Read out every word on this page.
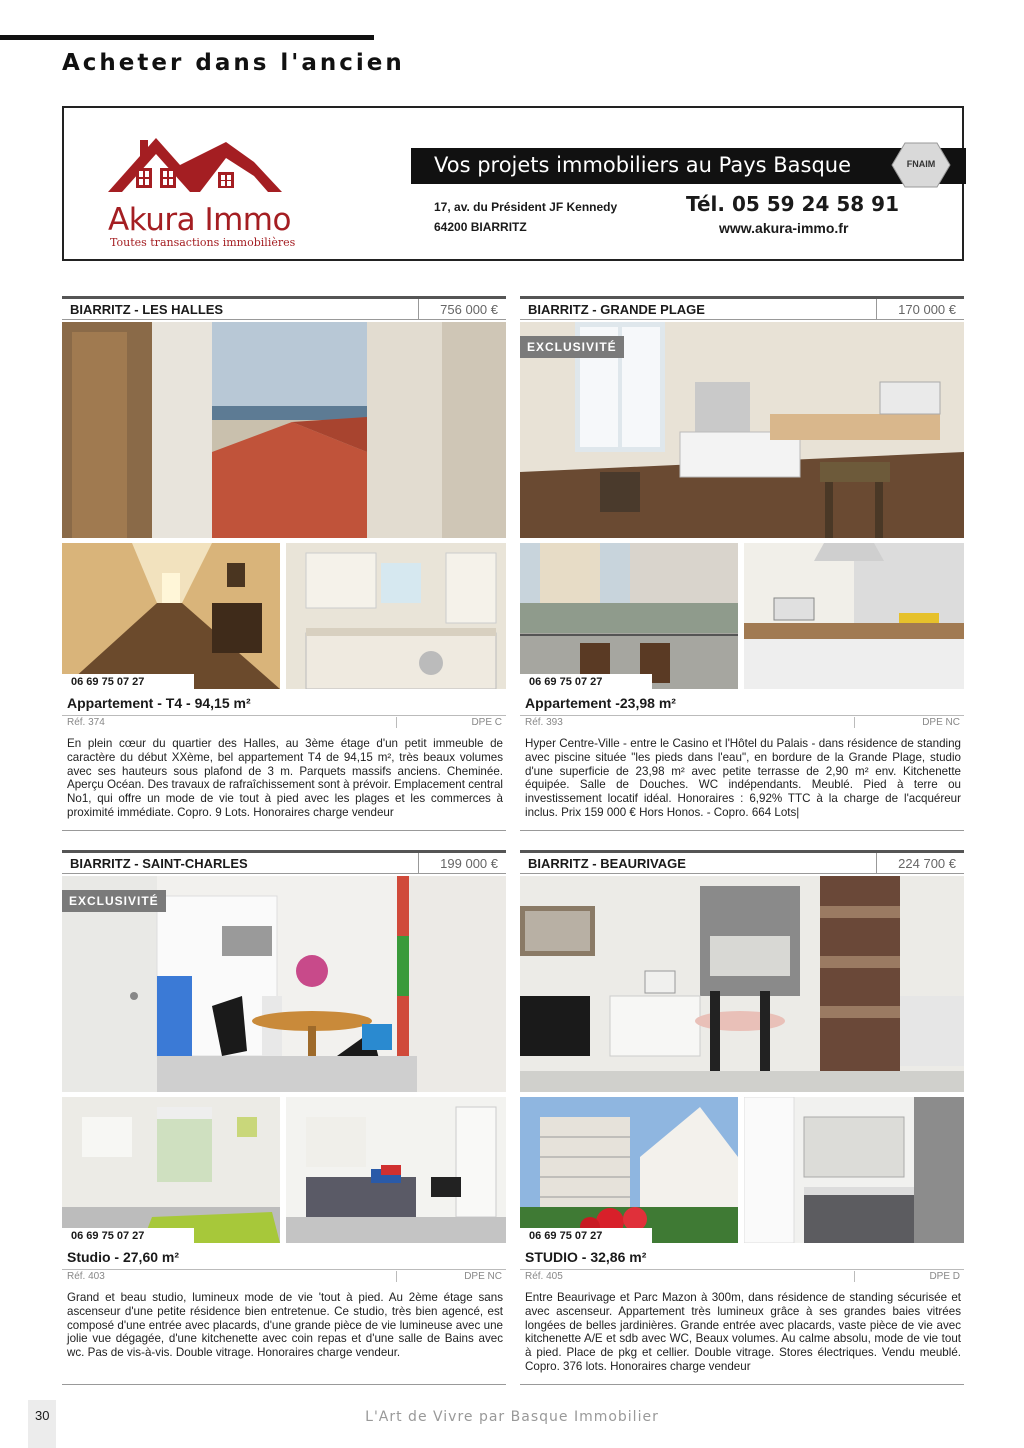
Acheter dans l'ancien
Akura Immo
Toutes transactions immobilières
Vos projets immobiliers au Pays Basque	FNAIM
17, av. du Président JF Kennedy
64200 BIARRITZ
Tél. 05 59 24 58 91
www.akura-immo.fr
BIARRITZ - LES HALLES	756 000 €
06 69 75 07 27
Appartement - T4 - 94,15 m²
Réf. 374	DPE C

En plein cœur du quartier des Halles, au 3ème étage d'un petit immeuble de caractère du début XXème, bel appartement T4 de 94,15 m², très beaux volumes avec ses hauteurs sous plafond de 3 m. Parquets massifs anciens. Cheminée. Aperçu Océan. Des travaux de rafraîchissement sont à prévoir. Emplacement central No1, qui offre un mode de vie tout à pied avec les plages et les commerces à proximité immédiate. Copro. 9 Lots. Honoraires charge vendeur

BIARRITZ - GRANDE PLAGE	170 000 €
EXCLUSIVITÉ
06 69 75 07 27
Appartement -23,98 m²
Réf. 393	DPE NC

Hyper Centre-Ville - entre le Casino et l'Hôtel du Palais - dans résidence de standing avec piscine située "les pieds dans l'eau", en bordure de la Grande Plage, studio d'une superficie de 23,98 m² avec petite terrasse de 2,90 m² env. Kitchenette équipée. Salle de Douches. WC indépendants. Meublé. Pied à terre ou investissement locatif idéal. Honoraires : 6,92% TTC à la charge de l'acquéreur inclus. Prix 159 000 € Hors Honos. - Copro. 664 Lots|

BIARRITZ - SAINT-CHARLES	199 000 €
EXCLUSIVITÉ
06 69 75 07 27
Studio - 27,60 m²
Réf. 403	DPE NC

Grand et beau studio, lumineux mode de vie 'tout à pied. Au 2ème étage sans ascenseur d'une petite résidence bien entretenue. Ce studio, très bien agencé, est composé d'une entrée avec placards, d'une grande pièce de vie lumineuse avec une jolie vue dégagée, d'une kitchenette avec coin repas et d'une salle de Bains avec wc. Pas de vis-à-vis. Double vitrage. Honoraires charge vendeur.

BIARRITZ - BEAURIVAGE	224 700 €
06 69 75 07 27
STUDIO - 32,86 m²
Réf. 405	DPE D

Entre Beaurivage et Parc Mazon à 300m, dans résidence de standing sécurisée et avec ascenseur. Appartement très lumineux grâce à ses grandes baies vitrées longées de belles jardinières. Grande entrée avec placards, vaste pièce de vie avec kitchenette A/E et sdb avec WC, Beaux volumes. Au calme absolu, mode de vie tout à pied. Place de pkg et cellier. Double vitrage. Stores électriques. Vendu meublé. Copro. 376 lots. Honoraires charge vendeur

30	L'Art de Vivre par Basque Immobilier
